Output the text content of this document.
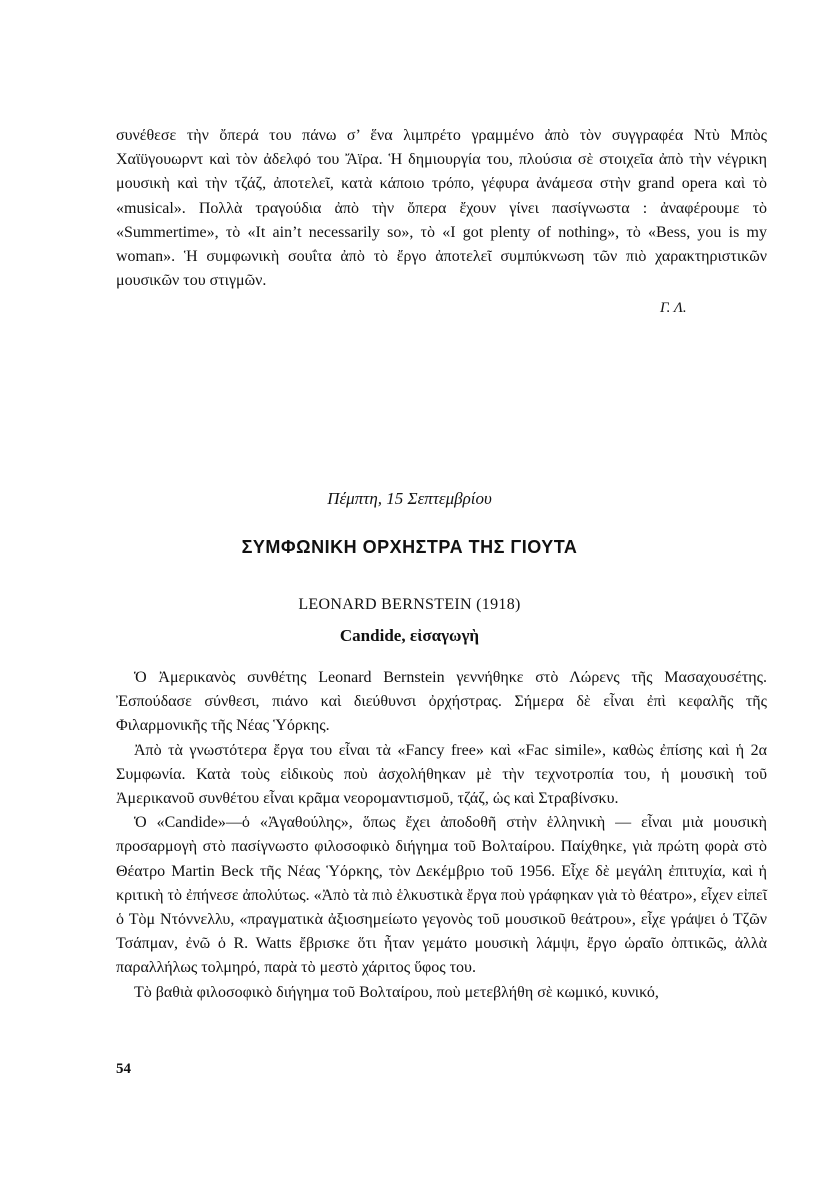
συνέθεσε τὴν ὄπερά του πάνω σ’ ἕνα λιμπρέτο γραμμένο ἀπὸ τὸν συγγραφέα Ντὺ Μπὸς Χαϊϋγουωρντ καὶ τὸν ἀδελφό του Ἄϊρα. Ἡ δημιουργία του, πλούσια σὲ στοιχεῖα ἀπὸ τὴν νέγρικη μουσικὴ καὶ τὴν τζάζ, ἀποτελεῖ, κατὰ κάποιο τρόπο, γέφυρα ἀνάμεσα στὴν grand opera καὶ τὸ «musical». Πολλὰ τραγούδια ἀπὸ τὴν ὄπερα ἔχουν γίνει πασίγνωστα : ἀναφέρουμε τὸ «Summertime», τὸ «It ain’t necessarily so», τὸ «I got plenty of nothing», τὸ «Bess, you is my woman». Ἡ συμφωνικὴ σουΐτα ἀπὸ τὸ ἔργο ἀποτελεῖ συμπύκνωση τῶν πιὸ χαρακτηριστικῶν μουσικῶν του στιγμῶν.

Γ. Λ.
Πέμπτη, 15 Σεπτεμβρίου
ΣΥΜΦΩΝΙΚΗ ΟΡΧΗΣΤΡΑ ΤΗΣ ΓΙΟΥΤΑ
LEONARD BERNSTEIN (1918)
Candide, εἰσαγωγὴ

Ὁ Ἀμερικανὸς συνθέτης Leonard Bernstein γεννήθηκε στὸ Λώρενς τῆς Μασαχουσέτης. Ἐσπούδασε σύνθεσι, πιάνο καὶ διεύθυνσι ὀρχήστρας. Σήμερα δὲ εἶναι ἐπὶ κεφαλῆς τῆς Φιλαρμονικῆς τῆς Νέας Ὑόρκης.

Ἀπὸ τὰ γνωστότερα ἔργα του εἶναι τὰ «Fancy free» καὶ «Fac simile», καθὼς ἐπίσης καὶ ἡ 2α Συμφωνία. Κατὰ τοὺς εἰδικοὺς ποὺ ἀσχολήθηκαν μὲ τὴν τεχνοτροπία του, ἡ μουσικὴ τοῦ Ἀμερικανοῦ συνθέτου εἶναι κρᾶμα νεορομαντισμοῦ, τζάζ, ὡς καὶ Στραβίνσκυ.

Ὁ «Candide»—ὁ «Ἀγαθούλης», ὅπως ἔχει ἀποδοθῆ στὴν ἑλληνικὴ — εἶναι μιὰ μουσικὴ προσαρμογὴ στὸ πασίγνωστο φιλοσοφικὸ διήγημα τοῦ Βολταίρου. Παίχθηκε, γιὰ πρώτη φορὰ στὸ Θέατρο Martin Beck τῆς Νέας Ὑόρκης, τὸν Δεκέμβριο τοῦ 1956. Εἶχε δὲ μεγάλη ἐπιτυχία, καὶ ἡ κριτικὴ τὸ ἐπήνεσε ἀπολύτως. «Ἀπὸ τὰ πιὸ ἑλκυστικὰ ἔργα ποὺ γράφηκαν γιὰ τὸ θέατρο», εἶχεν εἰπεῖ ὁ Τὸμ Ντόννελλυ, «πραγματικὰ ἀξιοσημείωτο γεγονὸς τοῦ μουσικοῦ θεάτρου», εἶχε γράψει ὁ Τζῶν Τσάπμαν, ἐνῶ ὁ R. Watts ἔβρισκε ὅτι ἦταν γεμάτο μουσικὴ λάμψι, ἔργο ὡραῖο ὀπτικῶς, ἀλλὰ παραλλήλως τολμηρό, παρὰ τὸ μεστὸ χάριτος ὕφος του.

Τὸ βαθιὰ φιλοσοφικὸ διήγημα τοῦ Βολταίρου, ποὺ μετεβλήθη σὲ κωμικό, κυνικό,

54
